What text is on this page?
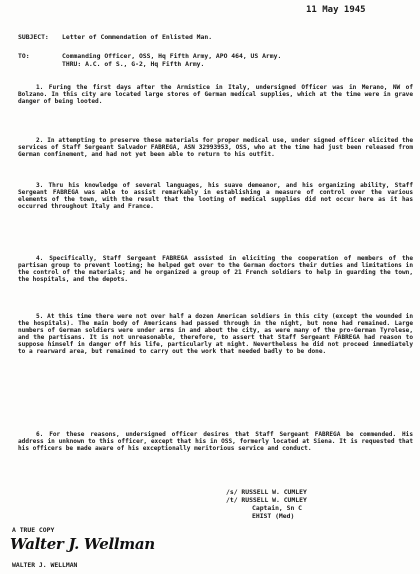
11 May 1945
SUBJECT: Letter of Commendation of Enlisted Man.
TO:	Commanding Officer, OSS, Hq Fifth Army, APO 464, US Army.
THRU: A.C. of S., G-2, Hq Fifth Army.
1. Furing the first days after the Armistice in Italy, undersigned Officer was in Merano, NW of Bolzano. In this city are located large stores of German medical supplies, which at the time were in grave danger of being looted.
2. In attempting to preserve these materials for proper medical use, under signed officer elicited the services of Staff Sergeant Salvador FABREGA, ASN 32993953, OSS, who at the time had just been released from German confinement, and had not yet been able to return to his outfit.
3. Thru his knowledge of several languages, his suave demeanor, and his organizing ability, Staff Sergeant FABREGA was able to assist remarkably in establishing a measure of control over the various elements of the town, with the result that the looting of medical supplies did not occur here as it has occurred throughout Italy and France.
4. Specifically, Staff Sergeant FABREGA assisted in eliciting the cooperation of members of the partisan group to prevent looting; he helped get over to the German doctors their duties and limitations in the control of the materials; and he organized a group of 21 French soldiers to help in guarding the town, the hospitals, and the depots.
5. At this time there were not over half a dozen American soldiers in this city (except the wounded in the hospitals). The main body of Americans had passed through in the night, but none had remained. Large numbers of German soldiers were under arms in and about the city, as were many of the pro-German Tyrolese, and the partisans. It is not unreasonable, therefore, to assert that Staff Sergeant FABREGA had reason to suppose himself in danger off his life, particularly at night. Nevertheless he did not proceed immediately to a rearward area, but remained to carry out the work that needed badly to be done.
6. For these reasons, undersigned officer desires that Staff Sergeant FABREGA be commended. His address in unknown to this officer, except that his in OSS, formerly located at Siena. It is requested that his officers be made aware of his exceptionally meritorious service and conduct.
/s/ RUSSELL W. CUMLEY
/t/ RUSSELL W. CUMLEY
Captain, Sn C
EHIST (Med)
A TRUE COPY
Walter J. Wellman
WALTER J. WELLMAN
